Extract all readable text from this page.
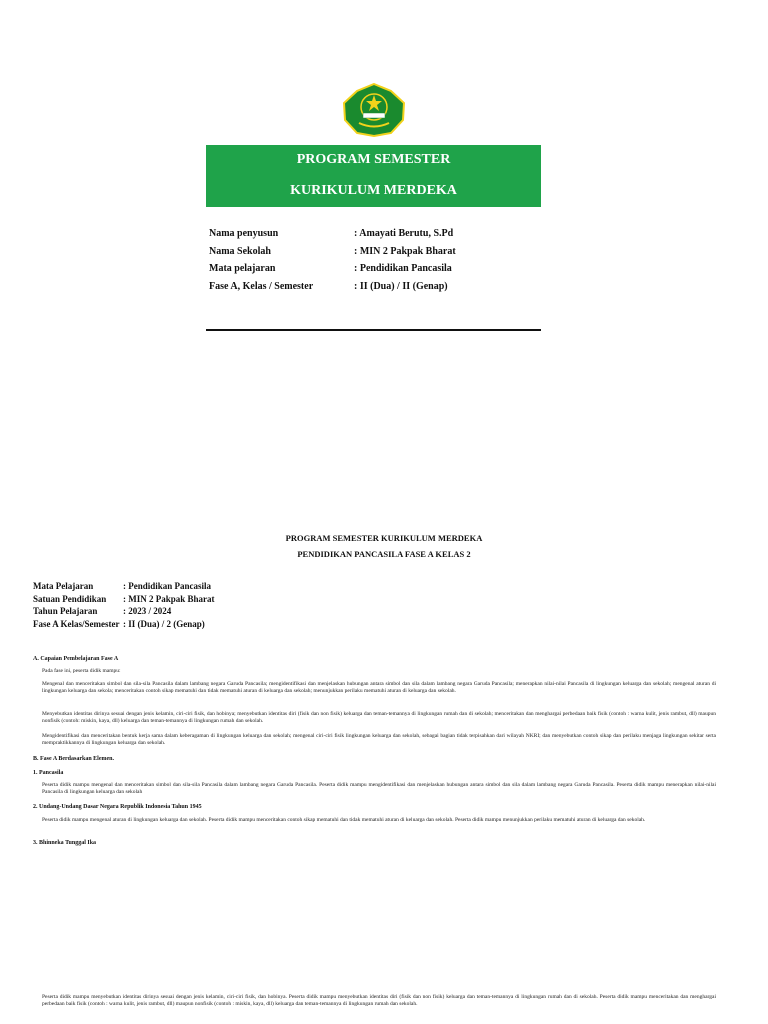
PROGRAM SEMESTER
KURIKULUM MERDEKA
Nama penyusun	: Amayati Berutu, S.Pd
Nama Sekolah	: MIN 2 Pakpak Bharat
Mata pelajaran	: Pendidikan Pancasila
Fase A, Kelas / Semester	: II (Dua) / II (Genap)
PROGRAM SEMESTER KURIKULUM MERDEKA
PENDIDIKAN PANCASILA FASE A KELAS 2
Mata Pelajaran	: Pendidikan Pancasila
Satuan Pendidikan : MIN 2 Pakpak Bharat
Tahun Pelajaran	: 2023 / 2024
Fase A Kelas/Semester : II (Dua) / 2 (Genap)
A. Capaian Pembelajaran Fase A
Pada fase ini, peserta didik mampu:
Mengenal dan menceritakan simbol dan sila-sila Pancasila dalam lambang negara Garuda Pancasila; mengidentifikasi dan menjelaskan hubungan antara simbol dan sila dalam lambang negara Garuda Pancasila; menerapkan nilai-nilai Pancasila di lingkungan keluarga dan sekolah; mengenal aturan di lingkungan keluarga dan sekola; menceritakan contoh sikap mematuhi dan tidak mematuhi aturan di keluarga dan sekolah; menunjukkan perilaku mematuhi aturan di keluarga dan sekolah.
Menyebutkan identitas dirinya sesuai dengan jenis kelamin, ciri-ciri fisik, dan hobinya; menyebutkan identitas diri (fisik dan non fisik) keluarga dan teman-temannya di lingkungan rumah dan di sekolah; menceritakan dan menghargai perbedaan baik fisik (contoh : warna kulit, jenis rambut, dll) maupun nonfisik (contoh: miskin, kaya, dll) keluarga dan teman-temannya di lingkungan rumah dan sekolah.
Mengidentifikasi dan menceritakan bentuk kerja sama dalam keberagaman di lingkungan keluarga dan sekolah; mengenal ciri-ciri fisik lingkungan keluarga dan sekolah, sebagai bagian tidak terpisahkan dari wilayah NKRI; dan menyebutkan contoh sikap dan perilaku menjaga lingkungan sekitar serta mempraktikkannya di lingkungan keluarga dan sekolah.
B. Fase A Berdasarkan Elemen.
1. Pancasila
Peserta didik mampu mengenal dan menceritakan simbol dan sila-sila Pancasila dalam lambang negara Garuda Pancasila. Peserta didik mampu mengidentifikasi dan menjelaskan hubungan antara simbol dan sila dalam lambang negara Garuda Pancasila. Peserta didik mampu menerapkan nilai-nilai Pancasila di lingkungan keluarga dan sekolah
2. Undang-Undang Dasar Negara Republik Indonesia Tahun 1945
Peserta didik mampu mengenal aturan di lingkungan keluarga dan sekolah. Peserta didik mampu menceritakan contoh sikap mematuhi dan tidak mematuhi aturan di keluarga dan sekolah. Peserta didik mampu menunjukkan perilaku mematuhi aturan di keluarga dan sekolah.
3. Bhinneka Tunggal Ika
Peserta didik mampu menyebutkan identitas dirinya sesuai dengan jenis kelamin, ciri-ciri fisik, dan hobinya. Peserta didik mampu menyebutkan identitas diri (fisik dan non fisik) keluarga dan teman-temannya di lingkungan rumah dan di sekolah. Peserta didik mampu menceritakan dan menghargai perbedaan baik fisik (contoh : warna kulit, jenis rambut, dll) maupun nonfisik (contoh : miskin, kaya, dll) keluarga dan teman-temannya di lingkungan rumah dan sekolah.
